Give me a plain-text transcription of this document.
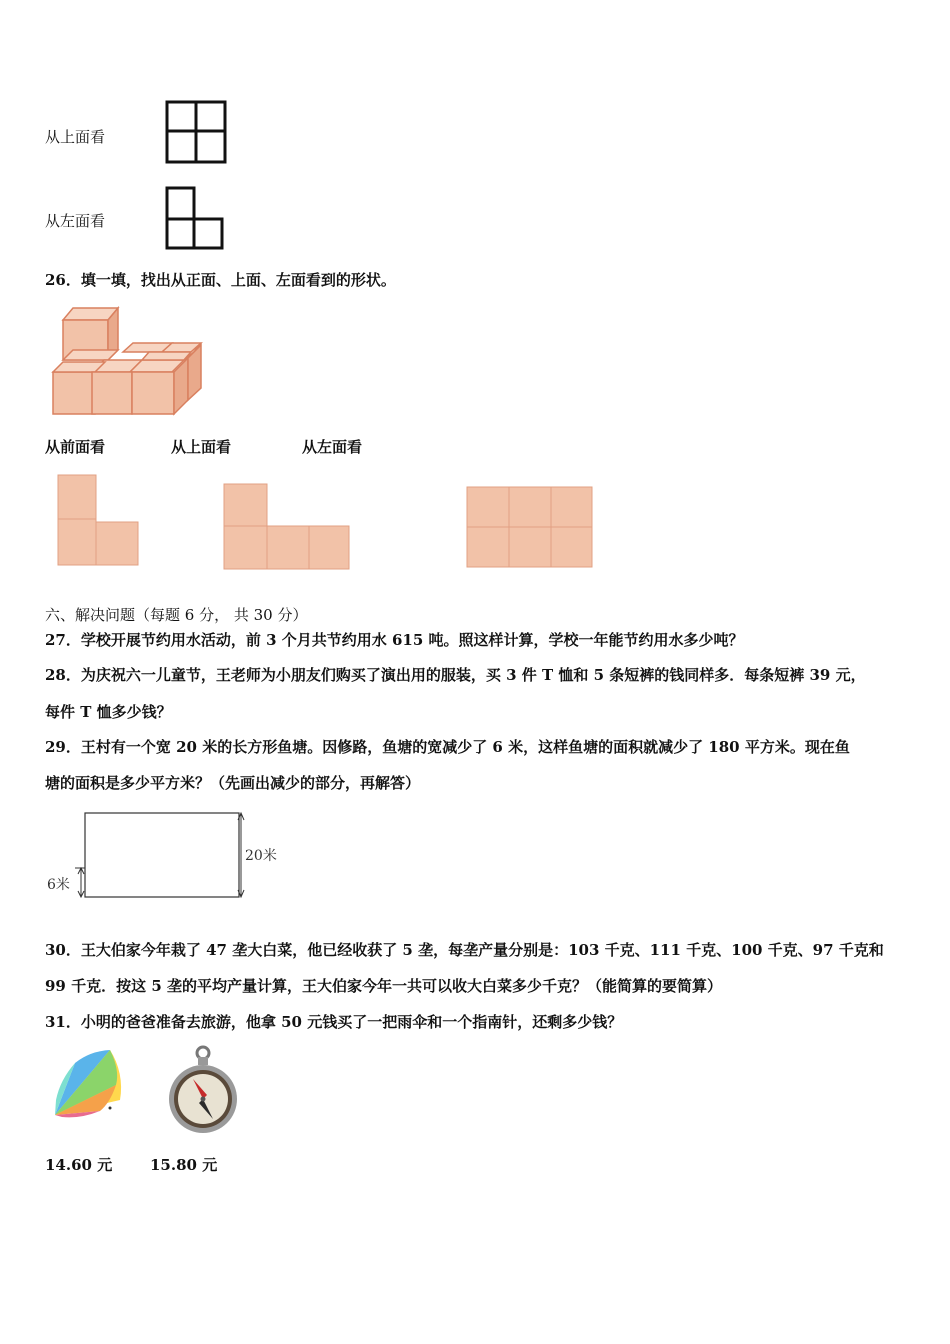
从上面看
从左面看
26．填一填，找出从正面、上面、左面看到的形状。
从前面看	从上面看	从左面看
六、解决问题（每题 6 分， 共 30 分）
27．学校开展节约用水活动，前 3 个月共节约用水 615 吨。照这样计算，学校一年能节约用水多少吨？
28．为庆祝六一儿童节，王老师为小朋友们购买了演出用的服装，买 3 件 T 恤和 5 条短裤的钱同样多．每条短裤 39 元，
每件 T 恤多少钱？
29．王村有一个宽 20 米的长方形鱼塘。因修路，鱼塘的宽减少了 6 米，这样鱼塘的面积就减少了 180 平方米。现在鱼
塘的面积是多少平方米？（先画出减少的部分，再解答）
20米
6米
30．王大伯家今年栽了 47 垄大白菜，他已经收获了 5 垄，每垄产量分别是：103 千克、111 千克、100 千克、97 千克和
99 千克．按这 5 垄的平均产量计算，王大伯家今年一共可以收大白菜多少千克？（能简算的要简算）
31．小明的爸爸准备去旅游，他拿 50 元钱买了一把雨伞和一个指南针，还剩多少钱？
14.60 元	15.80 元
